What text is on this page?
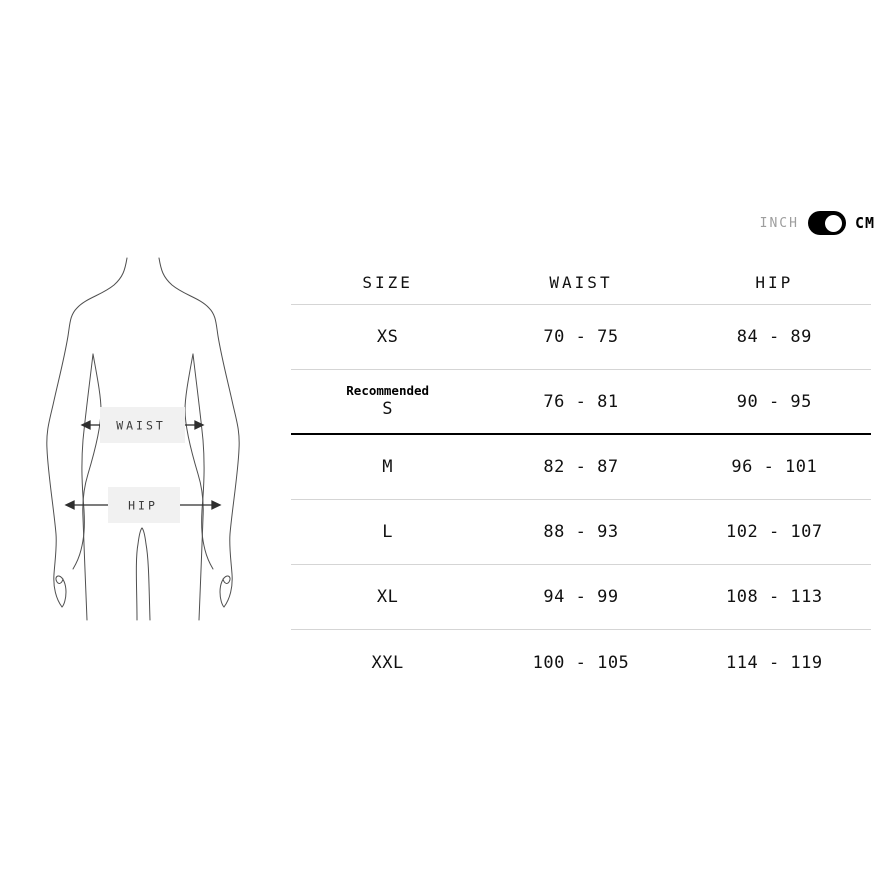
INCH	CM
WAIST
HIP
SIZE	WAIST	HIP
XS	70 - 75	84 - 89
Recommended
S	76 - 81	90 - 95
M	82 - 87	96 - 101
L	88 - 93	102 - 107
XL	94 - 99	108 - 113
XXL	100 - 105	114 - 119
